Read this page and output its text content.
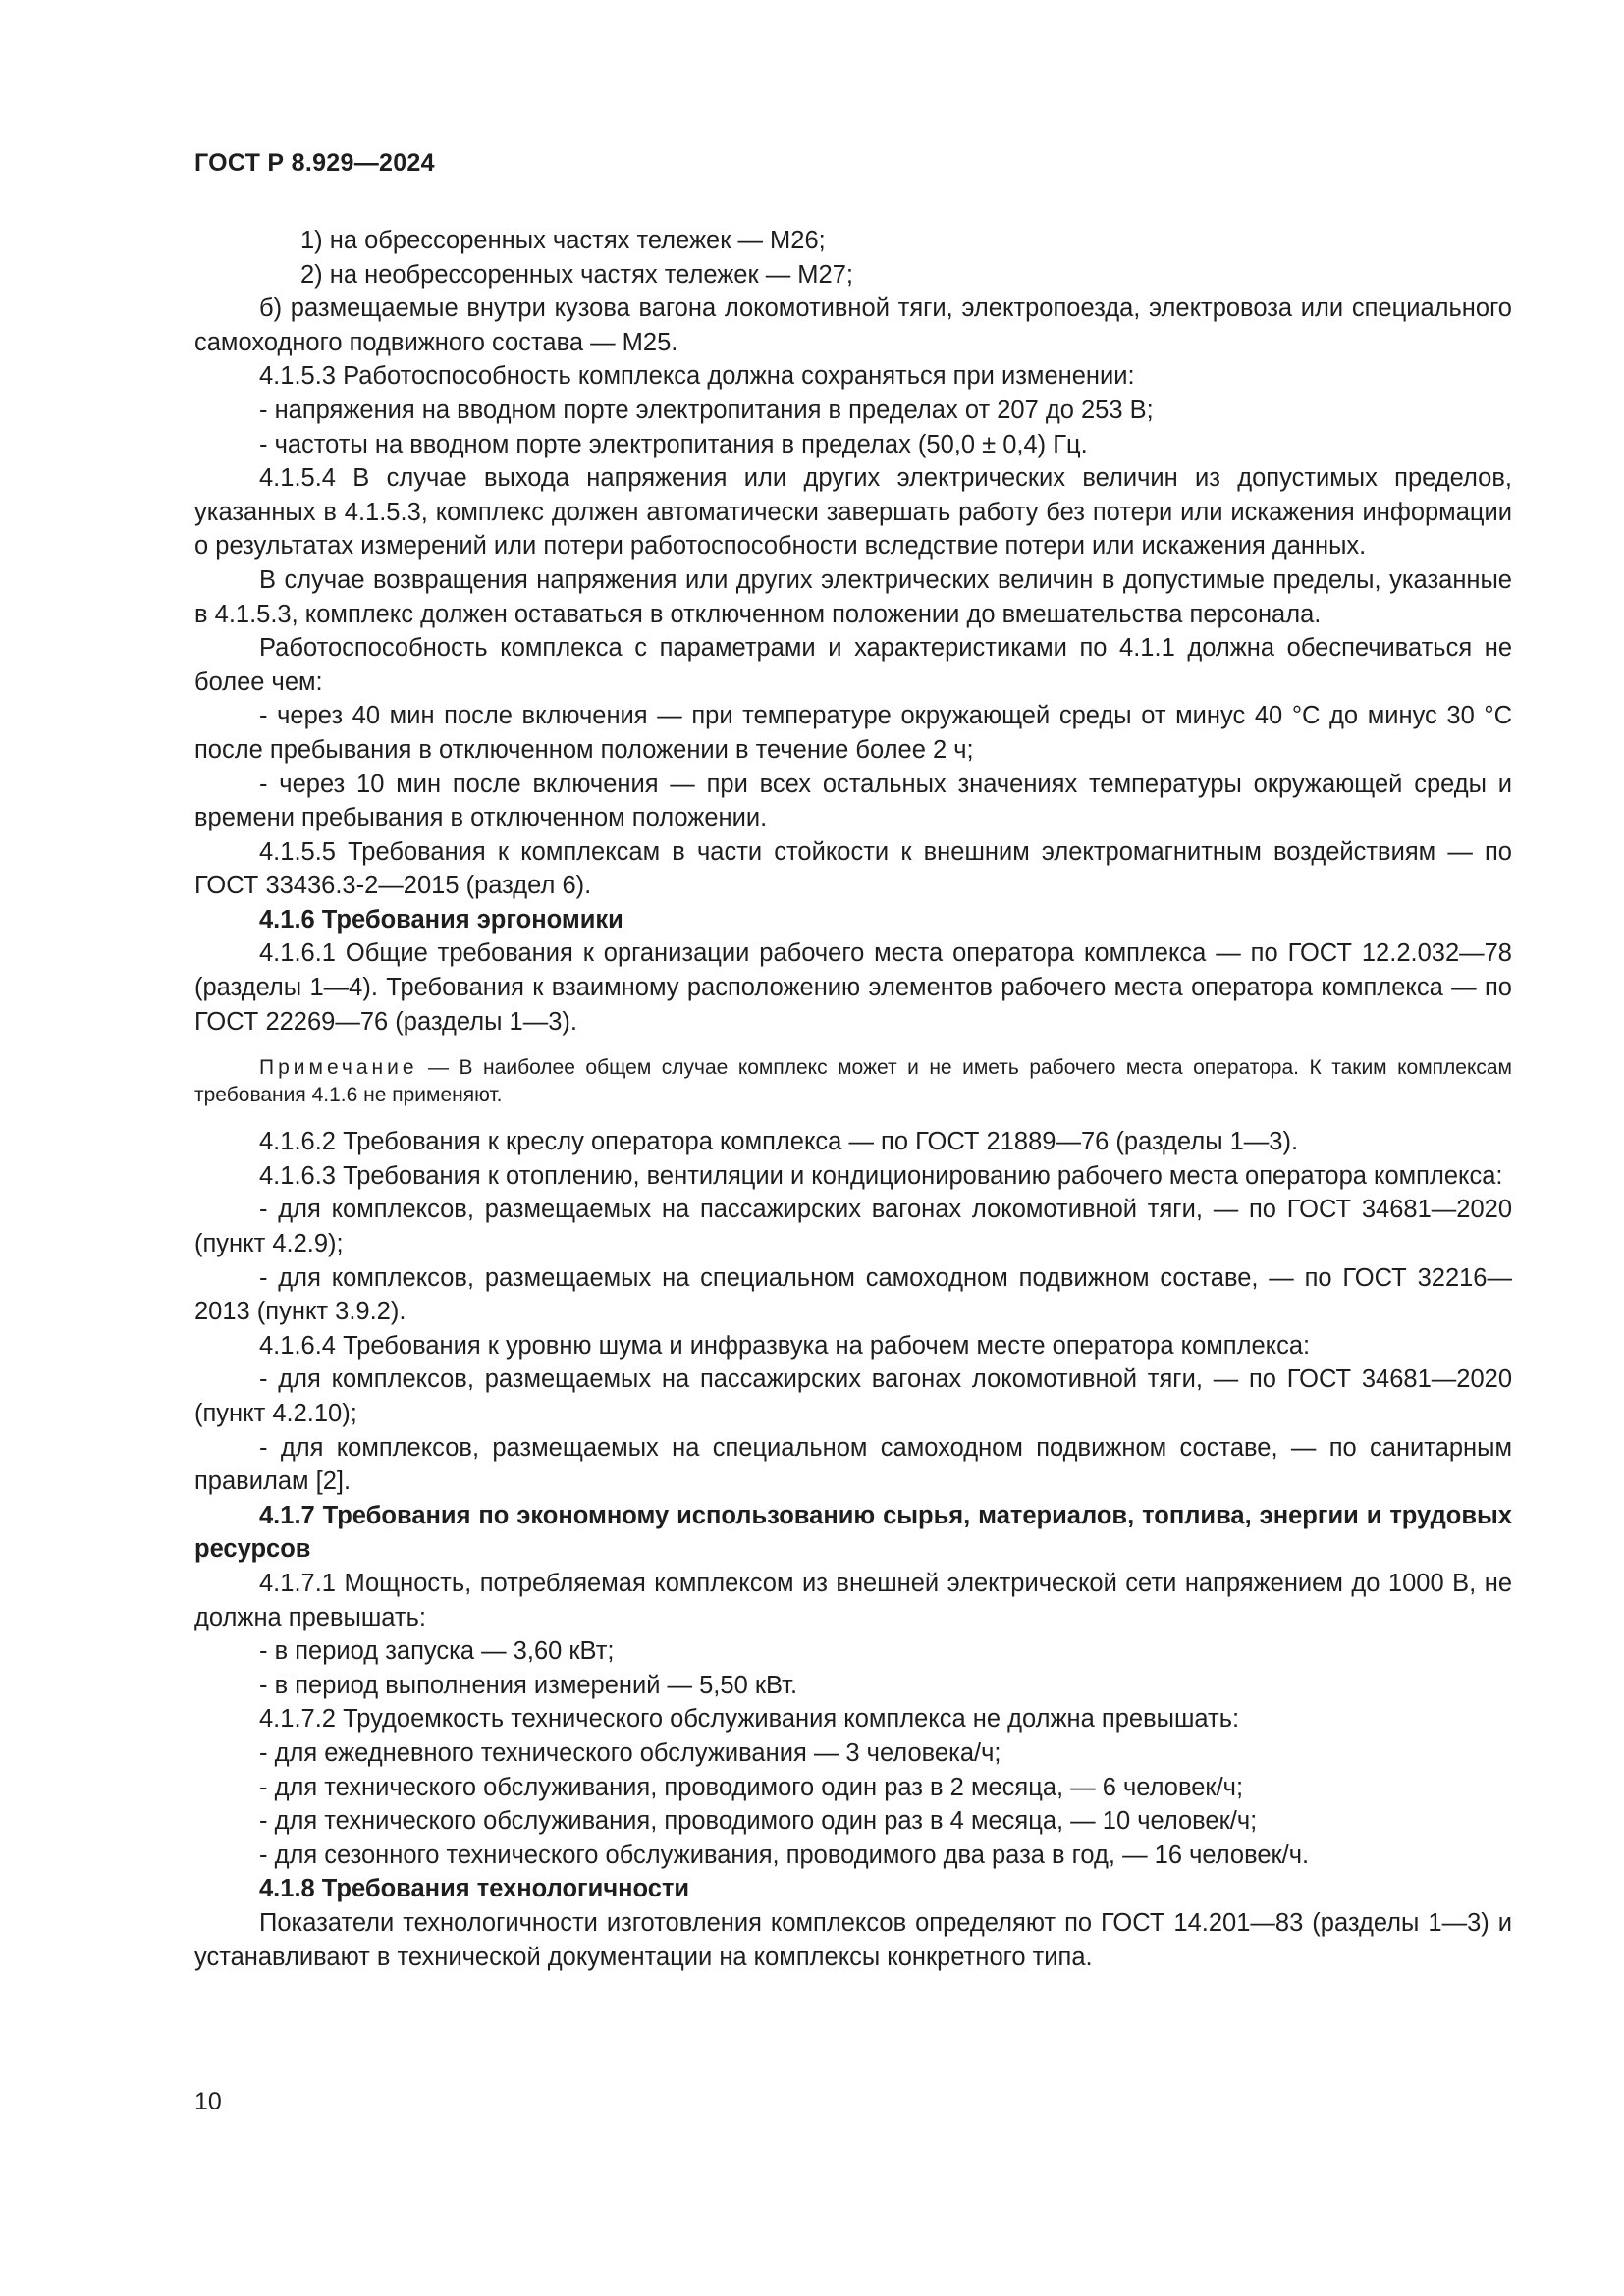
ГОСТ Р 8.929—2024

1) на обрессоренных частях тележек — М26;

2) на необрессоренных частях тележек — М27;

б) размещаемые внутри кузова вагона локомотивной тяги, электропоезда, электровоза или специального самоходного подвижного состава — М25.

4.1.5.3 Работоспособность комплекса должна сохраняться при изменении:

- напряжения на вводном порте электропитания в пределах от 207 до 253 В;

- частоты на вводном порте электропитания в пределах (50,0 ± 0,4) Гц.

4.1.5.4 В случае выхода напряжения или других электрических величин из допустимых пределов, указанных в 4.1.5.3, комплекс должен автоматически завершать работу без потери или искажения информации о результатах измерений или потери работоспособности вследствие потери или искажения данных.

В случае возвращения напряжения или других электрических величин в допустимые пределы, указанные в 4.1.5.3, комплекс должен оставаться в отключенном положении до вмешательства персонала.

Работоспособность комплекса с параметрами и характеристиками по 4.1.1 должна обеспечиваться не более чем:

- через 40 мин после включения — при температуре окружающей среды от минус 40 °С до минус 30 °С после пребывания в отключенном положении в течение более 2 ч;

- через 10 мин после включения — при всех остальных значениях температуры окружающей среды и времени пребывания в отключенном положении.

4.1.5.5 Требования к комплексам в части стойкости к внешним электромагнитным воздействиям — по ГОСТ 33436.3-2—2015 (раздел 6).

4.1.6 Требования эргономики

4.1.6.1 Общие требования к организации рабочего места оператора комплекса — по ГОСТ 12.2.032—78 (разделы 1—4). Требования к взаимному расположению элементов рабочего места оператора комплекса — по ГОСТ 22269—76 (разделы 1—3).

Примечание — В наиболее общем случае комплекс может и не иметь рабочего места оператора. К таким комплексам требования 4.1.6 не применяют.

4.1.6.2 Требования к креслу оператора комплекса — по ГОСТ 21889—76 (разделы 1—3).

4.1.6.3 Требования к отоплению, вентиляции и кондиционированию рабочего места оператора комплекса:

- для комплексов, размещаемых на пассажирских вагонах локомотивной тяги, — по ГОСТ 34681—2020 (пункт 4.2.9);

- для комплексов, размещаемых на специальном самоходном подвижном составе, — по ГОСТ 32216—2013 (пункт 3.9.2).

4.1.6.4 Требования к уровню шума и инфразвука на рабочем месте оператора комплекса:

- для комплексов, размещаемых на пассажирских вагонах локомотивной тяги, — по ГОСТ 34681—2020 (пункт 4.2.10);

- для комплексов, размещаемых на специальном самоходном подвижном составе, — по санитарным правилам [2].

4.1.7 Требования по экономному использованию сырья, материалов, топлива, энергии и трудовых ресурсов

4.1.7.1 Мощность, потребляемая комплексом из внешней электрической сети напряжением до 1000 В, не должна превышать:

- в период запуска — 3,60 кВт;

- в период выполнения измерений — 5,50 кВт.

4.1.7.2 Трудоемкость технического обслуживания комплекса не должна превышать:

- для ежедневного технического обслуживания — 3 человека/ч;

- для технического обслуживания, проводимого один раз в 2 месяца, — 6 человек/ч;

- для технического обслуживания, проводимого один раз в 4 месяца, — 10 человек/ч;

- для сезонного технического обслуживания, проводимого два раза в год, — 16 человек/ч.

4.1.8 Требования технологичности

Показатели технологичности изготовления комплексов определяют по ГОСТ 14.201—83 (разделы 1—3) и устанавливают в технической документации на комплексы конкретного типа.

10
